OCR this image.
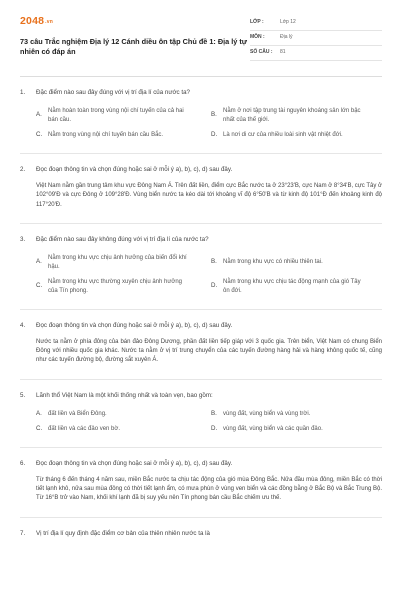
2048.vn
73 câu Trắc nghiệm Địa lý 12 Cánh diều ôn tập Chủ đề 1: Địa lý tự nhiên có đáp án
LỚP :	Lớp 12
MÔN :	Địa lý
SỐ CÂU :	81
1.	Đặc điểm nào sau đây đúng với vị trí địa lí của nước ta?
A.
Nằm hoàn toàn trong vùng nội chí tuyến của cả hai bán cầu.
B.
Nằm ở nơi tập trung tài nguyên khoáng sản lớn bậc nhất của thế giới.
C. Nằm trong vùng nội chí tuyến bán cầu Bắc.	D. Là nơi di cư của nhiều loài sinh vật nhiệt đới.
2.	Đọc đoạn thông tin và chọn đúng hoặc sai ở mỗi ý a), b), c), d) sau đây.
Việt Nam nằm gần trung tâm khu vực Đông Nam Á. Trên đất liền, điểm cực Bắc nước ta ở 23°23'B, cực Nam ở 8°34'B, cực Tây ở 102°09'Đ và cực Đông ở 109°28'Đ. Vùng biển nước ta kéo dài tới khoảng vĩ độ 6°50'B và từ kinh độ 101°Đ đến khoảng kinh độ 117°20'Đ.
3.	Đặc điểm nào sau đây không đúng với vị trí địa lí của nước ta?
A.
Nằm trong khu vực chịu ảnh hưởng của biến đổi khí hậu.
B.	Nằm trong khu vực có nhiều thiên tai.
C.
Nằm trong khu vực thường xuyên chịu ảnh hưởng của Tín phong.
D.
Nằm trong khu vực chịu tác động mạnh của gió Tây ôn đới.
4.	Đọc đoạn thông tin và chọn đúng hoặc sai ở mỗi ý a), b), c), d) sau đây.
Nước ta nằm ở phía đông của bán đảo Đông Dương, phần đất liền tiếp giáp với 3 quốc gia. Trên biển, Việt Nam có chung Biển Đông với nhiều quốc gia khác. Nước ta nằm ở vị trí trung chuyển của các tuyến đường hàng hải và hàng không quốc tế, cũng như các tuyến đường bộ, đường sắt xuyên Á.
5.	Lãnh thổ Việt Nam là một khối thống nhất và toàn vẹn, bao gồm:
A.	đất liền và Biển Đông.	B.	vùng đất, vùng biển và vùng trời.
C. đất liền và các đảo ven bờ.	D. vùng đất, vùng biển và các quần đảo.
6.	Đọc đoạn thông tin và chọn đúng hoặc sai ở mỗi ý a), b), c), d) sau đây.
Từ tháng 6 đến tháng 4 năm sau, miền Bắc nước ta chịu tác động của gió mùa Đông Bắc. Nửa đầu mùa đông, miền Bắc có thời tiết lạnh khô, nửa sau mùa đông có thời tiết lạnh ẩm, có mưa phùn ở vùng ven biển và các đồng bằng ở Bắc Bộ và Bắc Trung Bộ. Từ 16°B trở vào Nam, khối khí lạnh đã bị suy yếu nên Tín phong bán cầu Bắc chiếm ưu thế.
7.	Vị trí địa lí quy định đặc điểm cơ bản của thiên nhiên nước ta là
